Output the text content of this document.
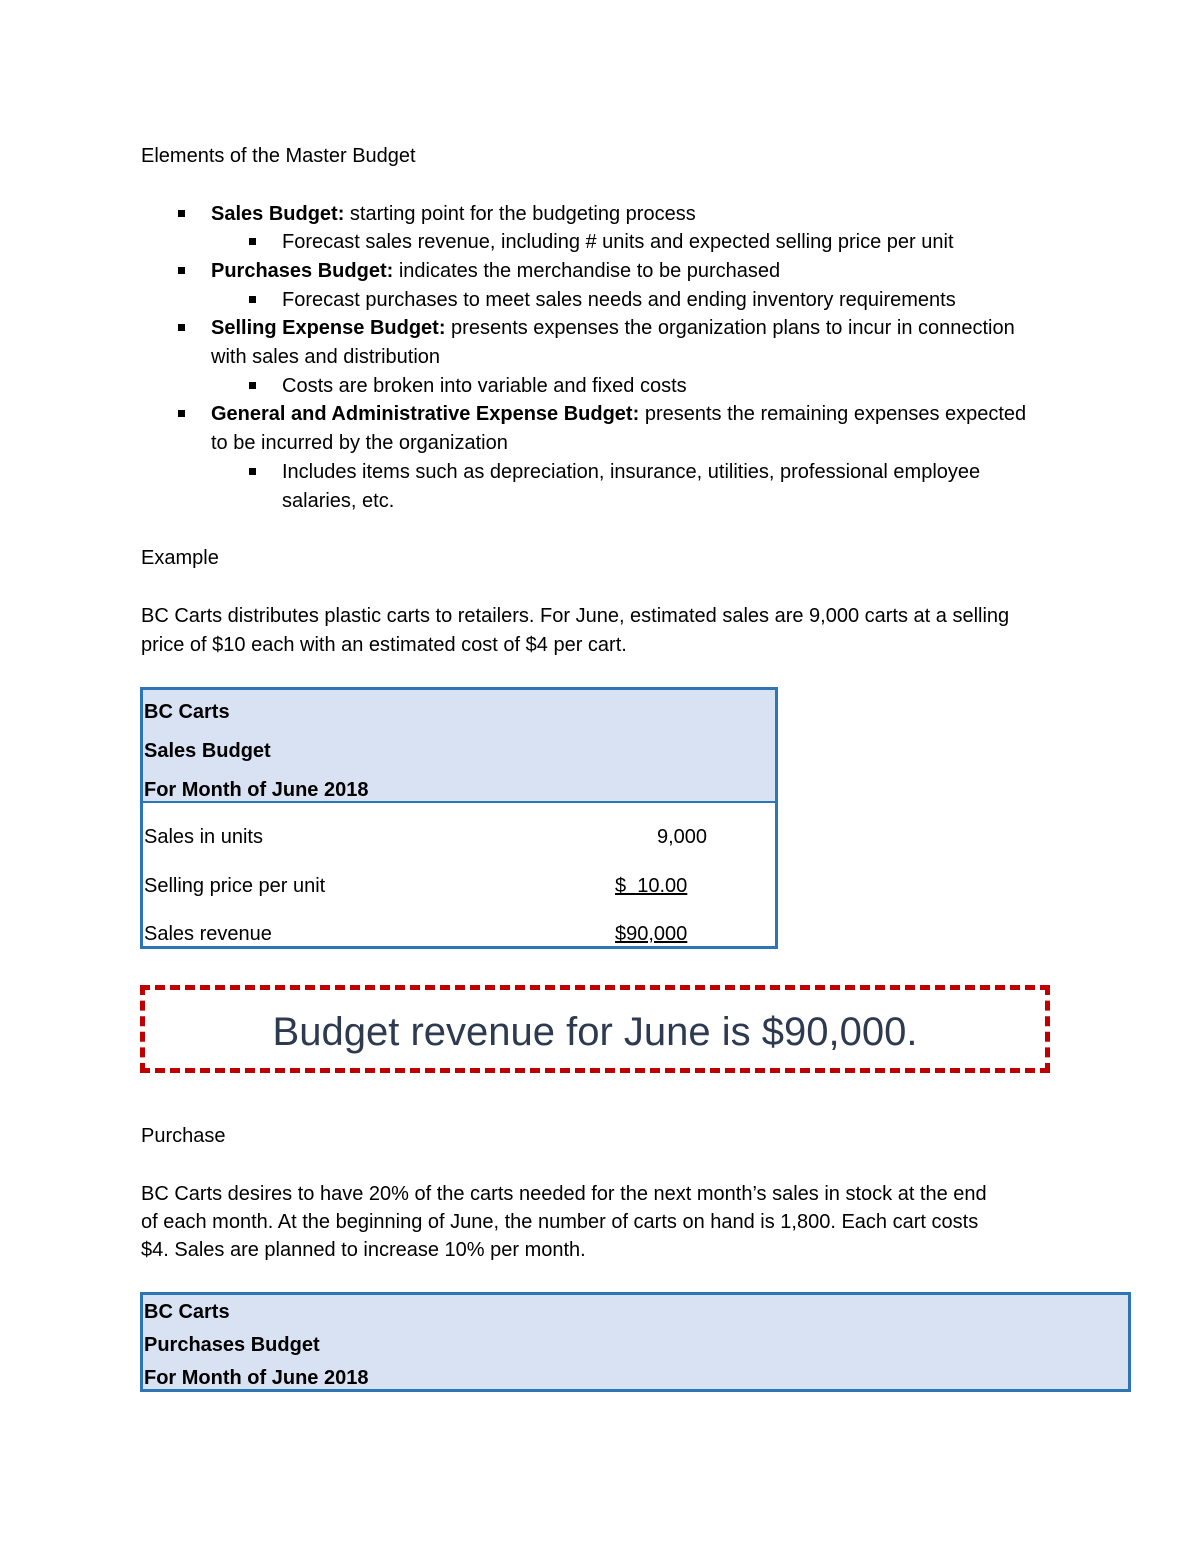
Elements of the Master Budget
Sales Budget: starting point for the budgeting process
Forecast sales revenue, including # units and expected selling price per unit
Purchases Budget: indicates the merchandise to be purchased
Forecast purchases to meet sales needs and ending inventory requirements
Selling Expense Budget: presents expenses the organization plans to incur in connection
with sales and distribution
Costs are broken into variable and fixed costs
General and Administrative Expense Budget: presents the remaining expenses expected
to be incurred by the organization
Includes items such as depreciation, insurance, utilities, professional employee
salaries, etc.
Example
BC Carts distributes plastic carts to retailers. For June, estimated sales are 9,000 carts at a selling
price of $10 each with an estimated cost of $4 per cart.
BC Carts
Sales Budget
For Month of June 2018
Sales in units	9,000
Selling price per unit	$  10.00
Sales revenue	$90,000
Budget revenue for June is $90,000.
Purchase
BC Carts desires to have 20% of the carts needed for the next month’s sales in stock at the end
of each month. At the beginning of June, the number of carts on hand is 1,800. Each cart costs
$4. Sales are planned to increase 10% per month.
BC Carts
Purchases Budget
For Month of June 2018
